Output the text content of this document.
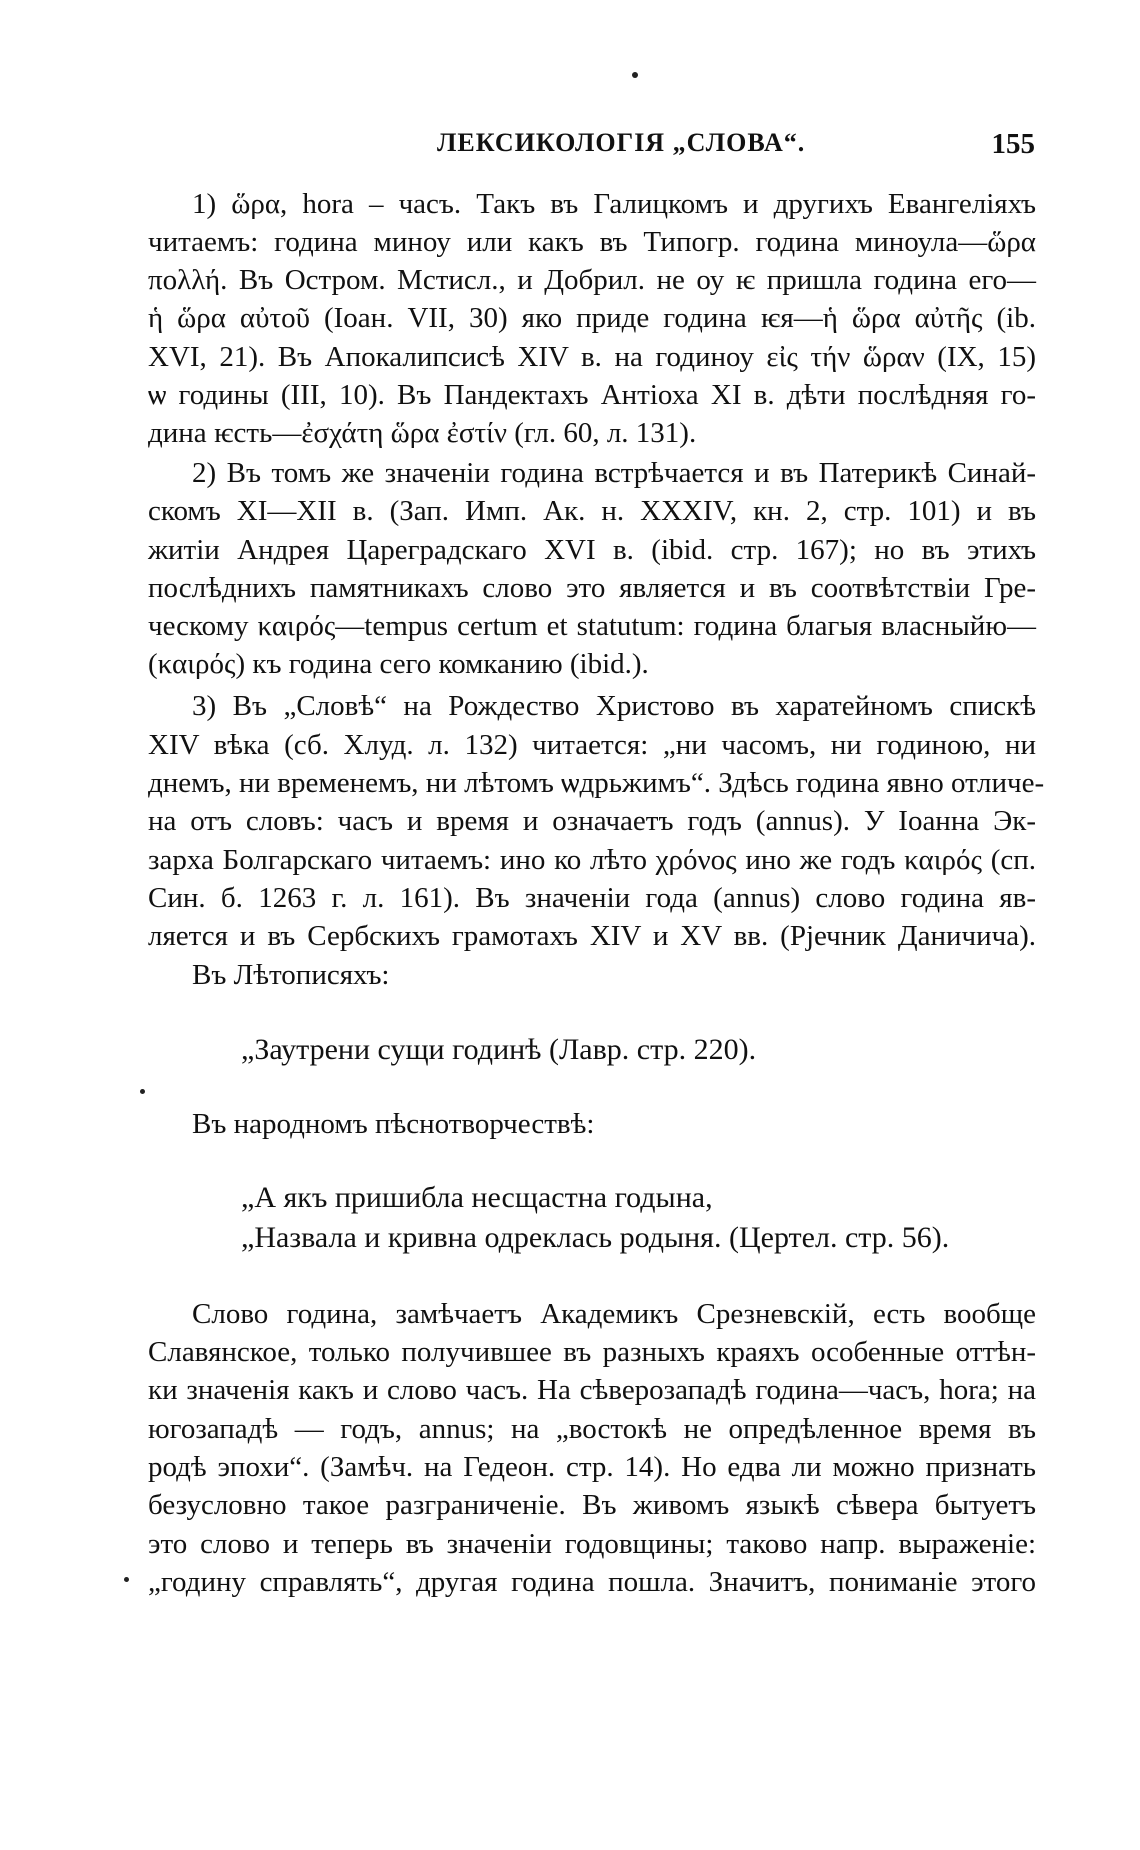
ЛЕКСИКОЛОГІЯ „СЛОВА“.	155
1) ὥρα, hora – часъ. Такъ въ Галицкомъ и другихъ Евангеліяхъ
читаемъ: година миноу или какъ въ Типогр. година миноула—ὥρα
πολλή. Въ Остром. Мстисл., и Добрил. не оу ѥ пришла година его—
ἡ ὥρα αὐτοῦ (Іоан. VII, 30) яко приде година ѥя—ἡ ὥρα αὐτῆς (ib.
XVI, 21). Въ Апокалипсисѣ XIV в. на годиноу εἰς τήν ὥραν (IX, 15)
ѡ годины (III, 10). Въ Пандектахъ Антіоха XI в. дѣти послѣдняя го-
дина ѥсть—ἐσχάτη ὥρα ἐστίν (гл. 60, л. 131).
2) Въ томъ же значеніи година встрѣчается и въ Патерикѣ Синай-
скомъ XI—XII в. (Зап. Имп. Ак. н. XXXIV, кн. 2, стр. 101) и въ
житіи Андрея Цареградскаго XVI в. (ibid. стр. 167); но въ этихъ
послѣднихъ памятникахъ слово это является и въ соотвѣтствіи Гре-
ческому καιρός—tempus certum et statutum: година благыя власныйю—
(καιρός) къ година сего комканию (ibid.).
3) Въ „Словѣ“ на Рождество Христово въ харатейномъ спискѣ
XIV вѣка (сб. Хлуд. л. 132) читается: „ни часомъ, ни годиною, ни
днемъ, ни временемъ, ни лѣтомъ ѡдрьжимъ“. Здѣсь година явно отличе-
на отъ словъ: часъ и время и означаетъ годъ (annus). У Іоанна Эк-
зарха Болгарскаго читаемъ: ино ко лѣто χρόνος ино же годъ καιρός (сп.
Син. б. 1263 г. л. 161). Въ значеніи года (annus) слово година яв-
ляется и въ Сербскихъ грамотахъ XIV и XV вв. (Рјечник Даничича).
Въ Лѣтописяхъ:
„Заутрени сущи годинѣ (Лавр. стр. 220).
Въ народномъ пѣснотворчествѣ:
„А якъ пришибла несщастна годына,
„Назвала и кривна одреклась родыня. (Цертел. стр. 56).
Слово година, замѣчаетъ Академикъ Срезневскій, есть вообще
Славянское, только получившее въ разныхъ краяхъ особенные оттѣн-
ки значенія какъ и слово часъ. На сѣверозападѣ година—часъ, hora; на
югозападѣ — годъ, annus; на „востокѣ не опредѣленное время въ
родѣ эпохи“. (Замѣч. на Гедеон. стр. 14). Но едва ли можно признать
безусловно такое разграниченіе. Въ живомъ языкѣ сѣвера бытуетъ
это слово и теперь въ значеніи годовщины; таково напр. выраженіе:
„годину справлять“, другая година пошла. Значитъ, пониманіе этого
